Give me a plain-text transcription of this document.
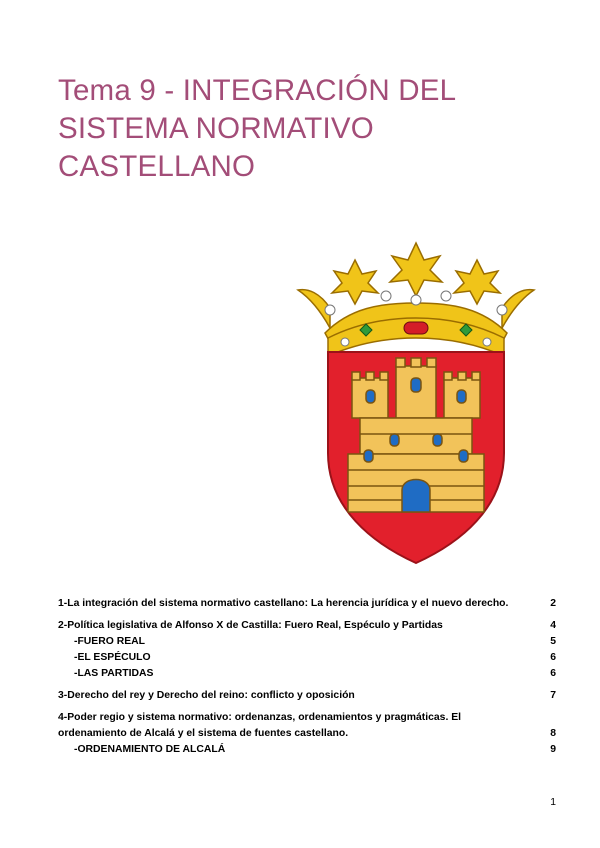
Tema 9 - INTEGRACIÓN DEL
SISTEMA NORMATIVO
CASTELLANO
1-La integración del sistema normativo castellano: La herencia jurídica y el nuevo derecho.	2
2-Política legislativa de Alfonso X de Castilla: Fuero Real, Espéculo y Partidas	4
-FUERO REAL	5
-EL ESPÉCULO	6
-LAS PARTIDAS	6
3-Derecho del rey y Derecho del reino: conflicto y oposición	7
4-Poder regio y sistema normativo: ordenanzas, ordenamientos y pragmáticas. El
ordenamiento de Alcalá y el sistema de fuentes castellano.	8
-ORDENAMIENTO DE ALCALÁ	9
1
